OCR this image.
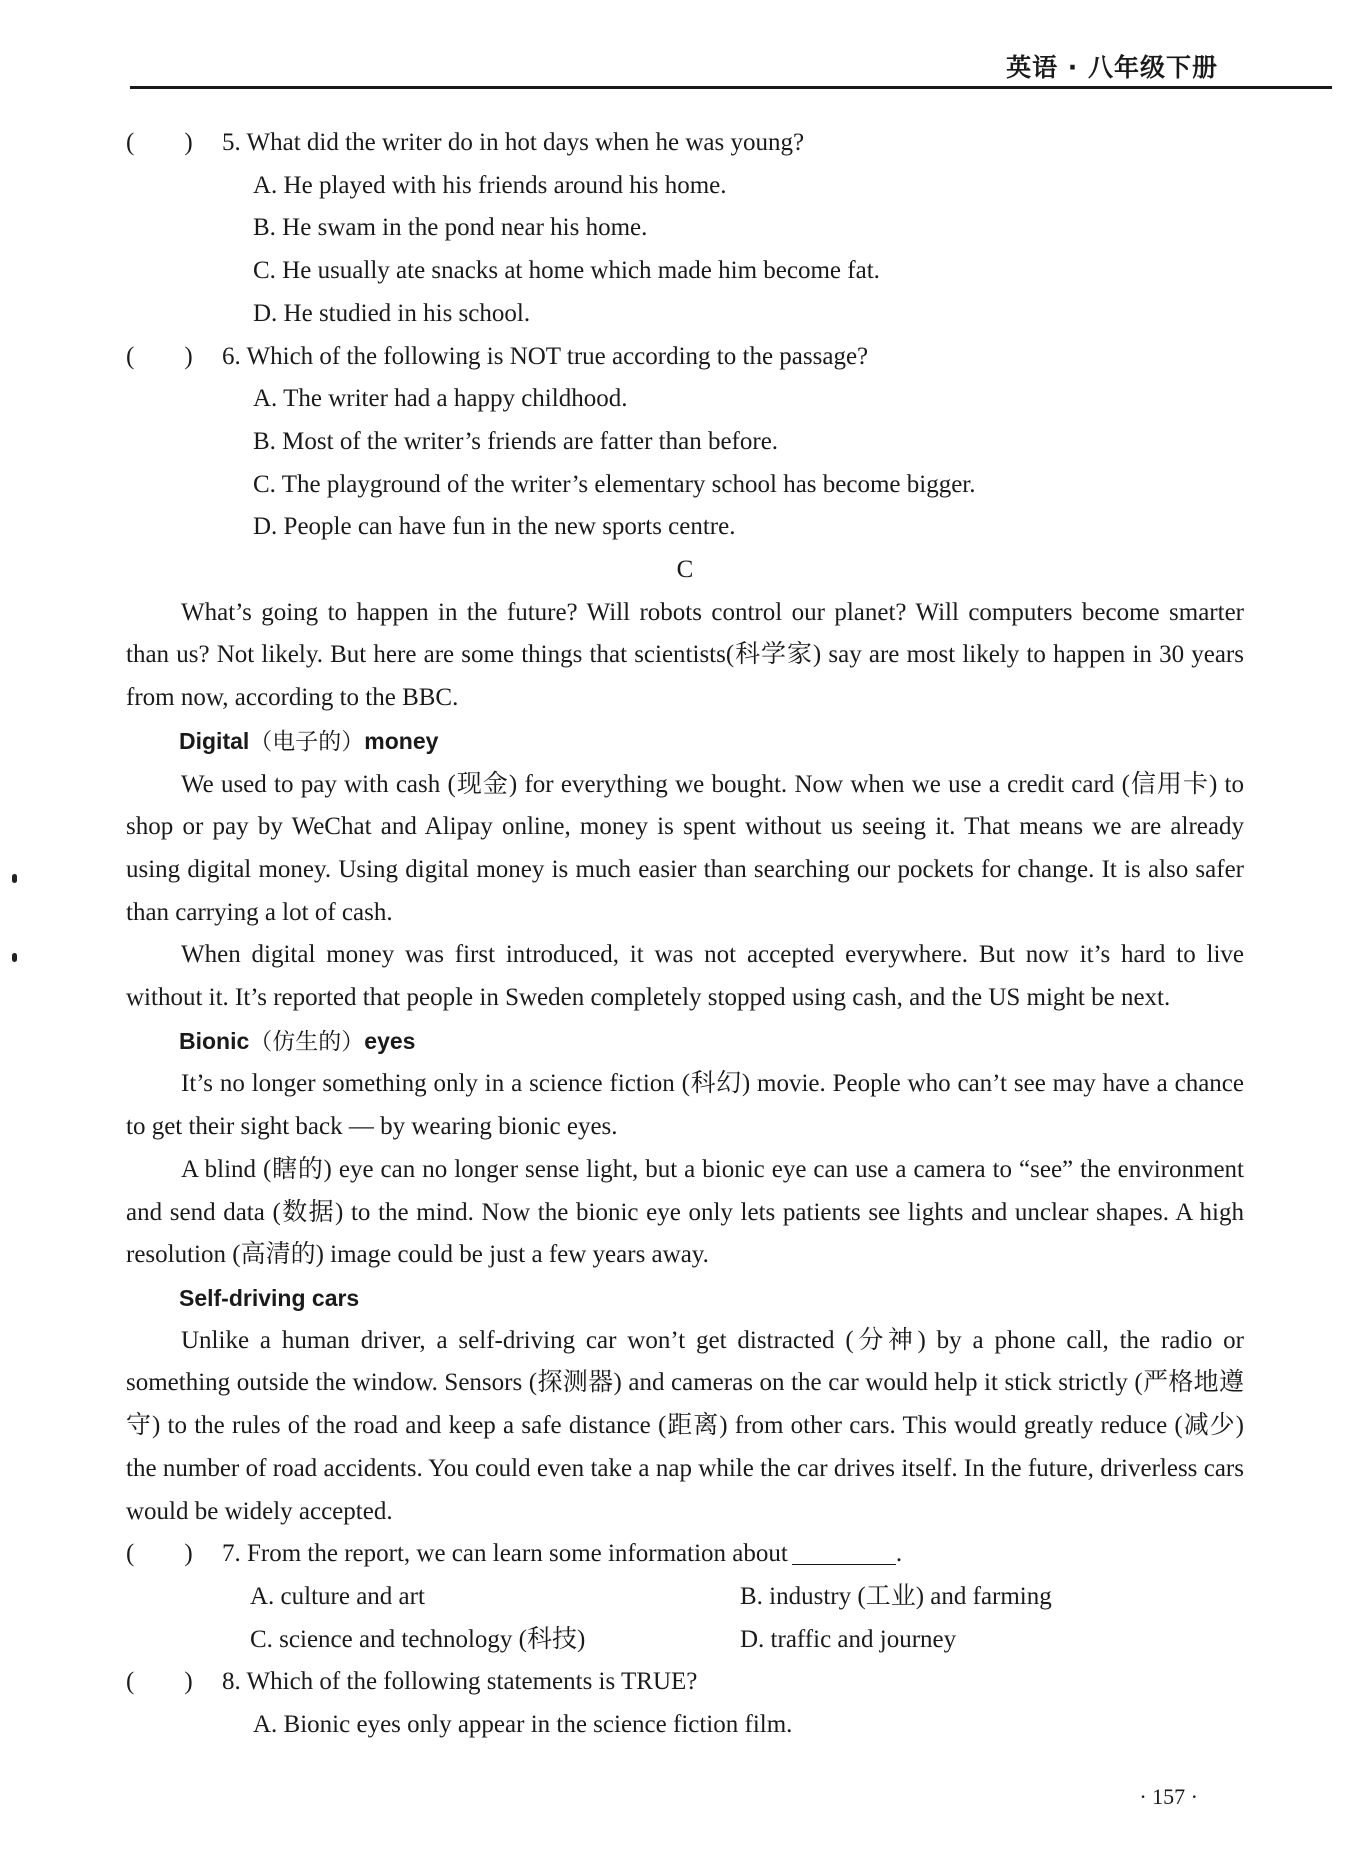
英语 · 八年级下册
(　　)	5. What did the writer do in hot days when he was young?
A. He played with his friends around his home.
B. He swam in the pond near his home.
C. He usually ate snacks at home which made him become fat.
D. He studied in his school.
(　　)	6. Which of the following is NOT true according to the passage?
A. The writer had a happy childhood.
B. Most of the writer’s friends are fatter than before.
C. The playground of the writer’s elementary school has become bigger.
D. People can have fun in the new sports centre.
C

What’s going to happen in the future? Will robots control our planet? Will computers become smarter than us? Not likely. But here are some things that scientists(科学家) say are most likely to happen in 30 years from now, according to the BBC.

Digital（电子的）money

We used to pay with cash (现金) for everything we bought. Now when we use a credit card (信用卡) to shop or pay by WeChat and Alipay online, money is spent without us seeing it. That means we are already using digital money. Using digital money is much easier than searching our pockets for change. It is also safer than carrying a lot of cash.

When digital money was first introduced, it was not accepted everywhere. But now it’s hard to live without it. It’s reported that people in Sweden completely stopped using cash, and the US might be next.

Bionic（仿生的）eyes

It’s no longer something only in a science fiction (科幻) movie. People who can’t see may have a chance to get their sight back — by wearing bionic eyes.

A blind (瞎的) eye can no longer sense light, but a bionic eye can use a camera to “see” the environment and send data (数据) to the mind. Now the bionic eye only lets patients see lights and unclear shapes. A high resolution (高清的) image could be just a few years away.

Self-driving cars

Unlike a human driver, a self-driving car won’t get distracted (分神) by a phone call, the radio or something outside the window. Sensors (探测器) and cameras on the car would help it stick strictly (严格地遵守) to the rules of the road and keep a safe distance (距离) from other cars. This would greatly reduce (减少) the number of road accidents. You could even take a nap while the car drives itself. In the future, driverless cars would be widely accepted.

(　　)	7. From the report, we can learn some information about	.
A. culture and art	B. industry (工业) and farming
C. science and technology (科技)	D. traffic and journey
(　　)	8. Which of the following statements is TRUE?
A. Bionic eyes only appear in the science fiction film.
· 157 ·
